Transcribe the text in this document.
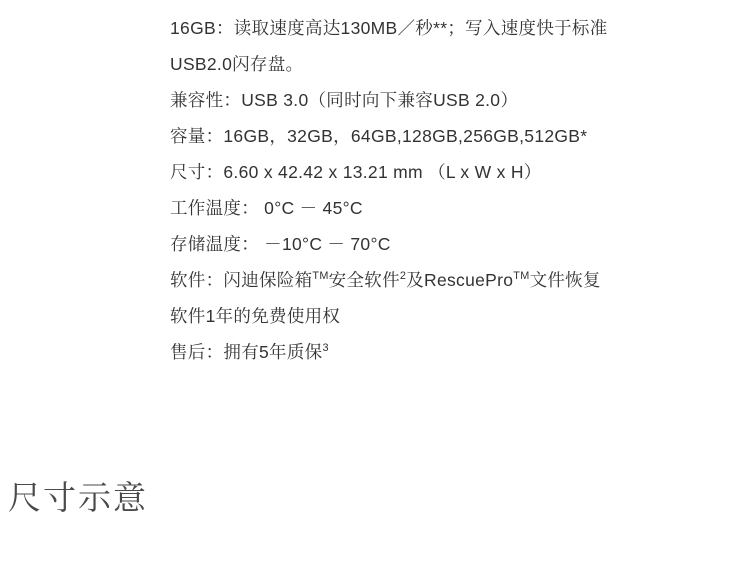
16GB：读取速度高达130MB／秒**；写入速度快于标准
USB2.0闪存盘。
兼容性：USB 3.0（同时向下兼容USB 2.0）
容量：16GB，32GB，64GB,128GB,256GB,512GB*
尺寸：6.60 x 42.42 x 13.21 mm （L x W x H）
工作温度： 0°C － 45°C
存储温度： －10°C － 70°C
软件：闪迪保险箱™安全软件$^2$及RescuePro™文件恢复
软件1年的免费使用权
售后：拥有5年质保$^3$
尺寸示意
